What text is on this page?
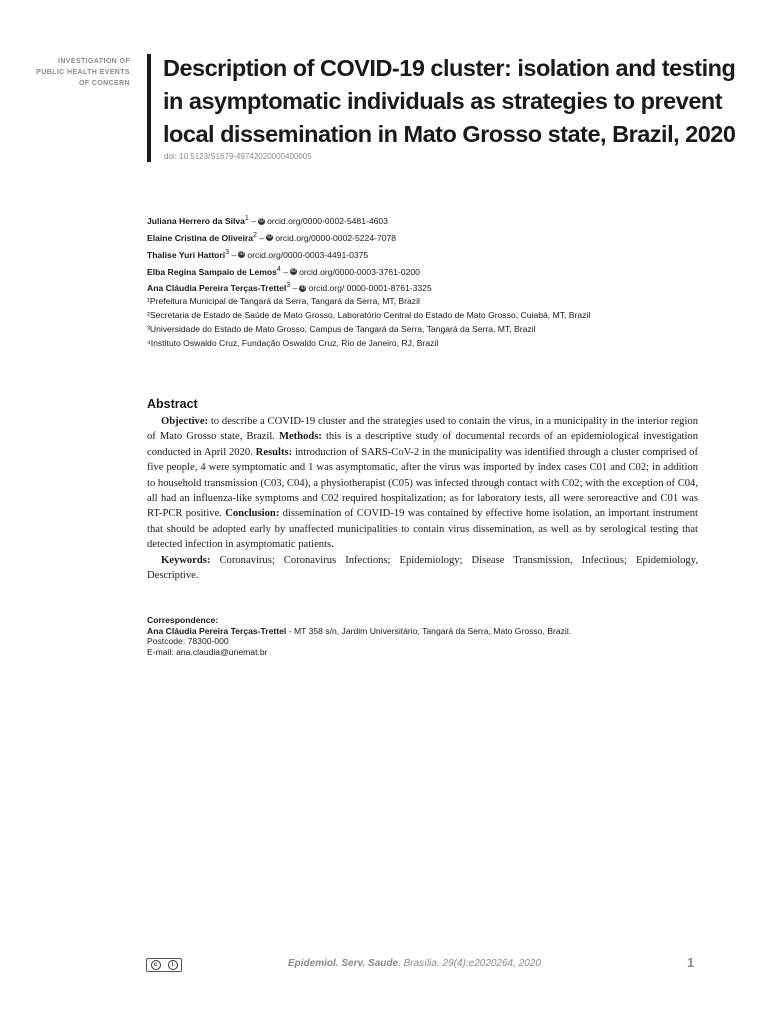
INVESTIGATION OF
PUBLIC HEALTH EVENTS
OF CONCERN
Description of COVID-19 cluster: isolation and testing in asymptomatic individuals as strategies to prevent local dissemination in Mato Grosso state, Brazil, 2020
doi: 10.5123/S1679-49742020000400005
Juliana Herrero da Silva$^1$ – iD orcid.org/0000-0002-5481-4603
Elaine Cristina de Oliveira$^2$ – iD orcid.org/0000-0002-5224-7078
Thalise Yuri Hattori$^3$ – iD orcid.org/0000-0003-4491-0375
Elba Regina Sampaio de Lemos$^4$ – iD orcid.org/0000-0003-3761-0200
Ana Cláudia Pereira Terças-Trettel$^3$ – iD orcid.org/ 0000-0001-8761-3325
¹Prefeitura Municipal de Tangará da Serra, Tangará da Serra, MT, Brazil
²Secretaria de Estado de Saúde de Mato Grosso, Laboratório Central do Estado de Mato Grosso, Cuiabá, MT, Brazil
³Universidade do Estado de Mato Grosso, Campus de Tangará da Serra, Tangará da Serra, MT, Brazil
⁴Instituto Oswaldo Cruz, Fundação Oswaldo Cruz, Rio de Janeiro, RJ, Brazil
Abstract

Objective: to describe a COVID-19 cluster and the strategies used to contain the virus, in a municipality in the interior region of Mato Grosso state, Brazil. Methods: this is a descriptive study of documental records of an epidemiological investigation conducted in April 2020. Results: introduction of SARS-CoV-2 in the municipality was identified through a cluster comprised of five people, 4 were symptomatic and 1 was asymptomatic, after the virus was imported by index cases C01 and C02; in addition to household transmission (C03, C04), a physiotherapist (C05) was infected through contact with C02; with the exception of C04, all had an influenza-like symptoms and C02 required hospitalization; as for laboratory tests, all were seroreactive and C01 was RT-PCR positive. Conclusion: dissemination of COVID-19 was contained by effective home isolation, an important instrument that should be adopted early by unaffected municipalities to contain virus dissemination, as well as by serological testing that detected infection in asymptomatic patients.

Keywords: Coronavirus; Coronavirus Infections; Epidemiology; Disease Transmission, Infectious; Epidemiology, Descriptive.

Correspondence:
Ana Cláudia Pereira Terças-Trettel - MT 358 s/n, Jardim Universitário, Tangará da Serra, Mato Grosso, Brazil.
Postcode: 78300-000
E-mail: ana.claudia@unemat.br
c	i	Epidemiol. Serv. Saude, Brasília, 29(4):e2020264, 2020	1
